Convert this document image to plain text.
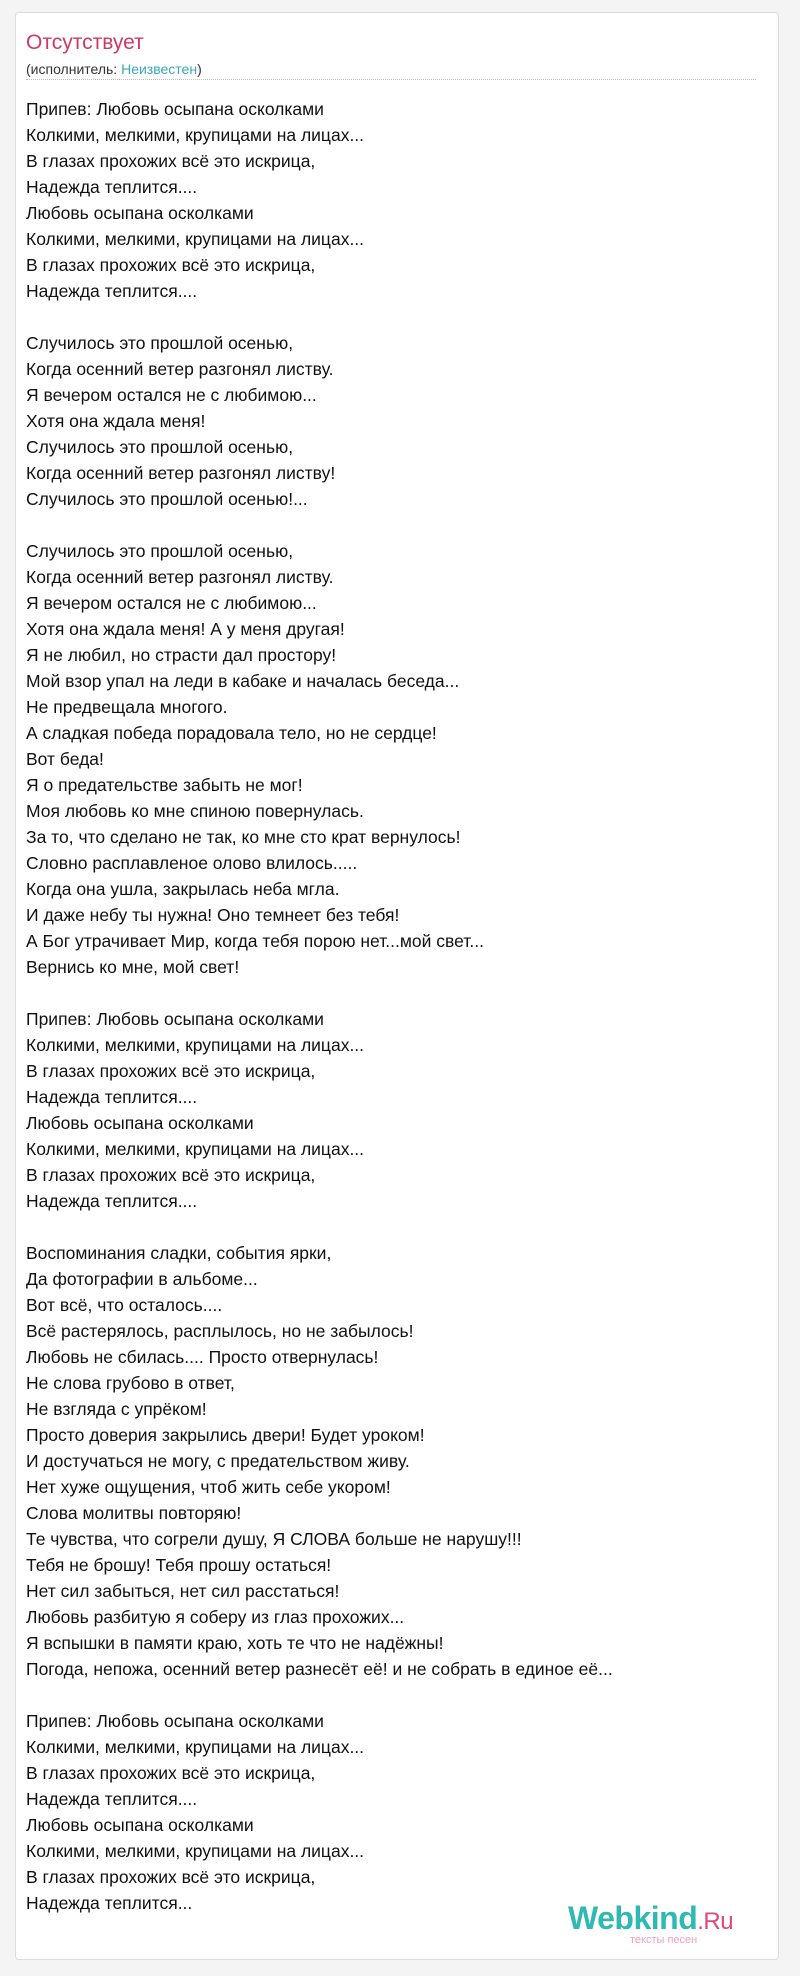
Отсутствует
(исполнитель: Неизвестен)
Припев: Любовь осыпана осколками
Колкими, мелкими, крупицами на лицах...
В глазах прохожих всё это искрица,
Надежда теплится....
Любовь осыпана осколками
Колкими, мелкими, крупицами на лицах...
В глазах прохожих всё это искрица,
Надежда теплится....
Случилось это прошлой осенью,
Когда осенний ветер разгонял листву.
Я вечером остался не с любимою...
Хотя она ждала меня!
Случилось это прошлой осенью,
Когда осенний ветер разгонял листву!
Случилось это прошлой осенью!...
Случилось это прошлой осенью,
Когда осенний ветер разгонял листву.
Я вечером остался не с любимою...
Хотя она ждала меня! А у меня другая!
Я не любил, но страсти дал простору!
Мой взор упал на леди в кабаке и началась беседа...
Не предвещала многого.
А сладкая победа порадовала тело, но не сердце!
Вот беда!
Я о предательстве забыть не мог!
Моя любовь ко мне спиною повернулась.
За то, что сделано не так, ко мне сто крат вернулось!
Словно расплавленое олово влилось.....
Когда она ушла, закрылась неба мгла.
И даже небу ты нужна! Оно темнеет без тебя!
А Бог утрачивает Мир, когда тебя порою нет...мой свет...
Вернись ко мне, мой свет!
Припев: Любовь осыпана осколками
Колкими, мелкими, крупицами на лицах...
В глазах прохожих всё это искрица,
Надежда теплится....
Любовь осыпана осколками
Колкими, мелкими, крупицами на лицах...
В глазах прохожих всё это искрица,
Надежда теплится....
Воспоминания сладки, события ярки,
Да фотографии в альбоме...
Вот всё, что осталось....
Всё растерялось, расплылось, но не забылось!
Любовь не сбилась.... Просто отвернулась!
Не слова грубово в ответ,
Не взгляда с упрёком!
Просто доверия закрылись двери! Будет уроком!
И достучаться не могу, с предательством живу.
Нет хуже ощущения, чтоб жить себе укором!
Слова молитвы повторяю!
Те чувства, что согрели душу, Я СЛОВА больше не нарушу!!!
Тебя не брошу! Тебя прошу остаться!
Нет сил забыться, нет сил расстаться!
Любовь разбитую я соберу из глаз прохожих...
Я вспышки в памяти краю, хоть те что не надёжны!
Погода, непожа, осенний ветер разнесёт её! и не собрать в единое её...
Припев: Любовь осыпана осколками
Колкими, мелкими, крупицами на лицах...
В глазах прохожих всё это искрица,
Надежда теплится....
Любовь осыпана осколками
Колкими, мелкими, крупицами на лицах...
В глазах прохожих всё это искрица,
Надежда теплится...	Webkind.Ru
тексты песен
